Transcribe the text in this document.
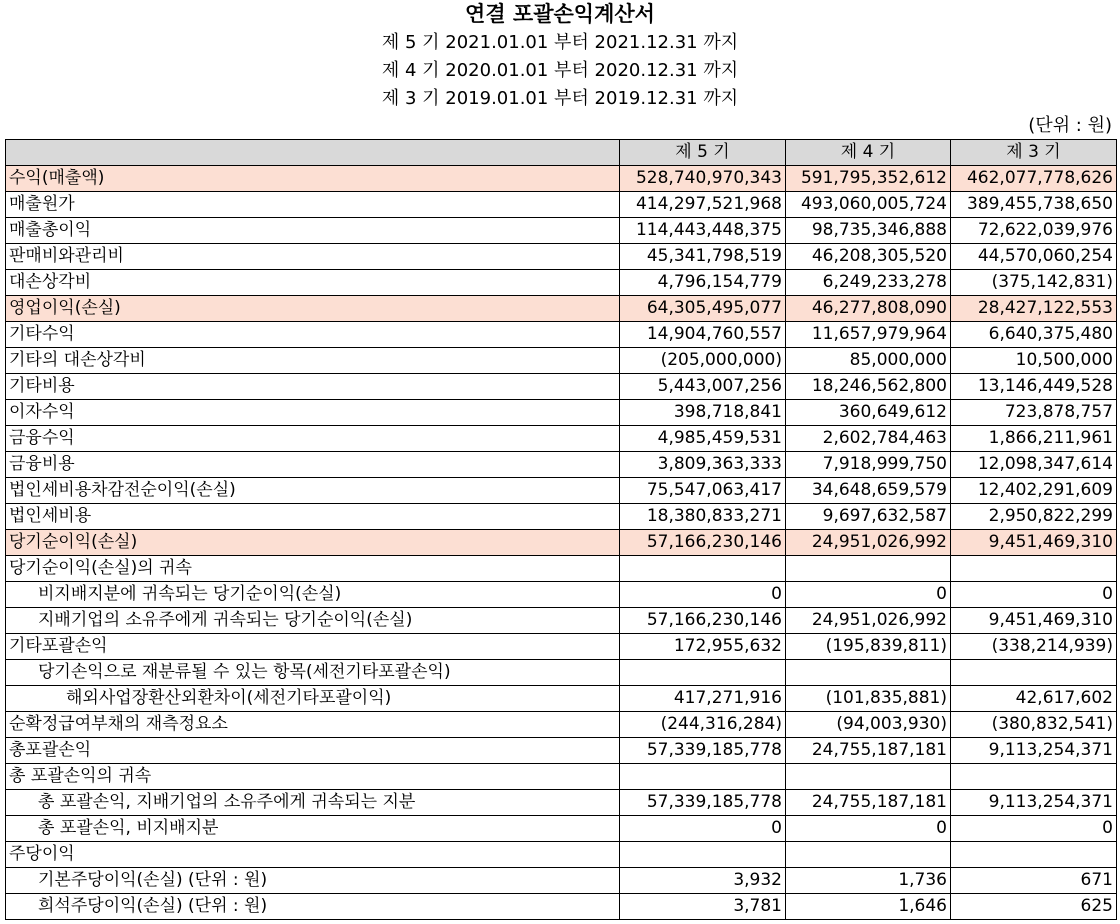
연결 포괄손익계산서
제 5 기 2021.01.01 부터 2021.12.31 까지
제 4 기 2020.01.01 부터 2020.12.31 까지
제 3 기 2019.01.01 부터 2019.12.31 까지
(단위 : 원)
	제 5 기	제 4 기	제 3 기
수익(매출액)	528,740,970,343	591,795,352,612	462,077,778,626
매출원가	414,297,521,968	493,060,005,724	389,455,738,650
매출총이익	114,443,448,375	98,735,346,888	72,622,039,976
판매비와관리비	45,341,798,519	46,208,305,520	44,570,060,254
대손상각비	4,796,154,779	6,249,233,278	(375,142,831)
영업이익(손실)	64,305,495,077	46,277,808,090	28,427,122,553
기타수익	14,904,760,557	11,657,979,964	6,640,375,480
기타의 대손상각비	(205,000,000)	85,000,000	10,500,000
기타비용	5,443,007,256	18,246,562,800	13,146,449,528
이자수익	398,718,841	360,649,612	723,878,757
금융수익	4,985,459,531	2,602,784,463	1,866,211,961
금융비용	3,809,363,333	7,918,999,750	12,098,347,614
법인세비용차감전순이익(손실)	75,547,063,417	34,648,659,579	12,402,291,609
법인세비용	18,380,833,271	9,697,632,587	2,950,822,299
당기순이익(손실)	57,166,230,146	24,951,026,992	9,451,469,310
당기순이익(손실)의 귀속			
비지배지분에 귀속되는 당기순이익(손실)	0	0	0
지배기업의 소유주에게 귀속되는 당기순이익(손실)	57,166,230,146	24,951,026,992	9,451,469,310
기타포괄손익	172,955,632	(195,839,811)	(338,214,939)
당기손익으로 재분류될 수 있는 항목(세전기타포괄손익)			
해외사업장환산외환차이(세전기타포괄이익)	417,271,916	(101,835,881)	42,617,602
순확정급여부채의 재측정요소	(244,316,284)	(94,003,930)	(380,832,541)
총포괄손익	57,339,185,778	24,755,187,181	9,113,254,371
총 포괄손익의 귀속			
총 포괄손익, 지배기업의 소유주에게 귀속되는 지분	57,339,185,778	24,755,187,181	9,113,254,371
총 포괄손익, 비지배지분	0	0	0
주당이익			
기본주당이익(손실) (단위 : 원)	3,932	1,736	671
희석주당이익(손실) (단위 : 원)	3,781	1,646	625
